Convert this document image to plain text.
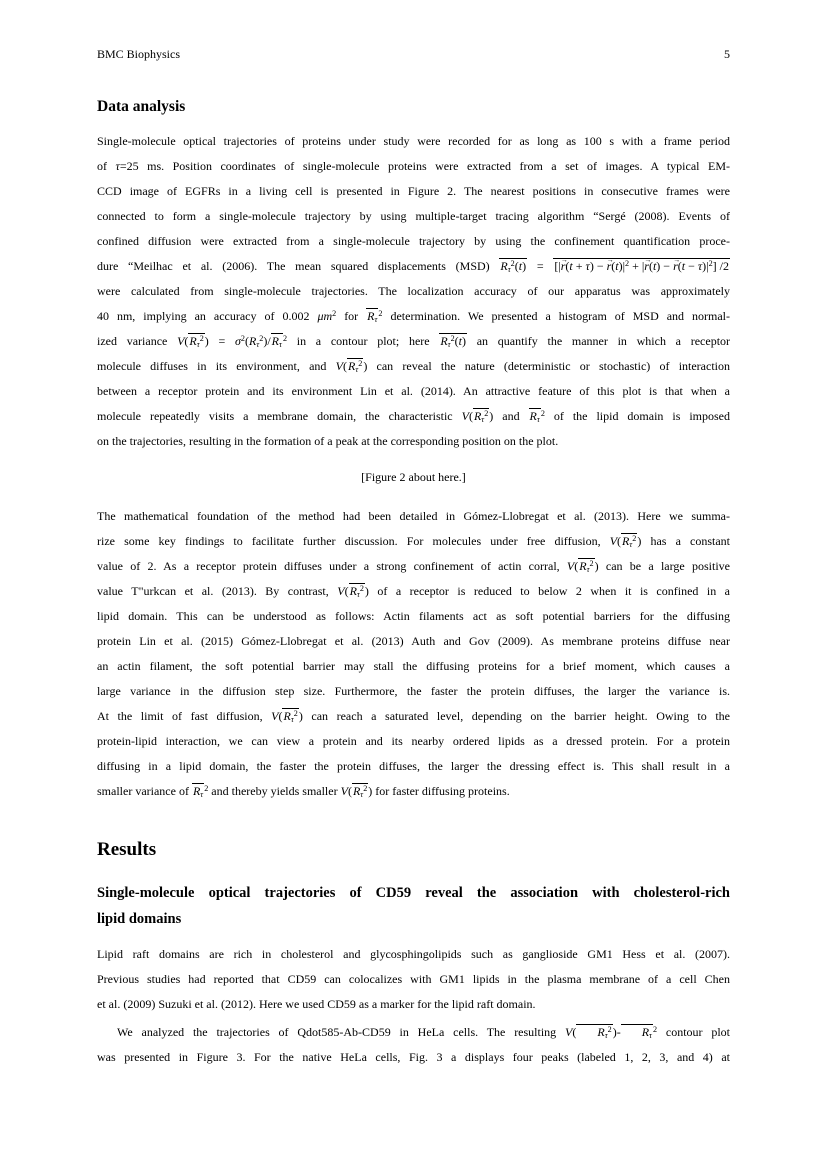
BMC Biophysics	5
Data analysis
Single-molecule optical trajectories of proteins under study were recorded for as long as 100 s with a frame period
of τ=25 ms. Position coordinates of single-molecule proteins were extracted from a set of images. A typical EM-
CCD image of EGFRs in a living cell is presented in Figure 2. The nearest positions in consecutive frames were
connected to form a single-molecule trajectory by using multiple-target tracing algorithm “Sergé (2008). Events of
confined diffusion were extracted from a single-molecule trajectory by using the confinement quantification proce-
dure “Meilhac et al. (2006). The mean squared displacements (MSD) $R_\tau^2(t) = [|r \to(t + \tau) - r \to(t)|^2 + |r \to(t) - r \to(t - \tau)|^2]$ /2
were calculated from single-molecule trajectories. The localization accuracy of our apparatus was approximately
40 nm, implying an accuracy of 0.002 $\mu m^2$ for $R_\tau^2$ determination. We presented a histogram of MSD and normal-
ized variance $V(R_\tau^2) = \sigma^2(R_\tau^2)/R_\tau^2$ in a contour plot; here $R_\tau^2(t)$ an quantify the manner in which a receptor
molecule diffuses in its environment, and $V(R_\tau^2)$ can reveal the nature (deterministic or stochastic) of interaction
between a receptor protein and its environment Lin et al. (2014). An attractive feature of this plot is that when a
molecule repeatedly visits a membrane domain, the characteristic $V(R_\tau^2)$ and $R_\tau^2$ of the lipid domain is imposed
on the trajectories, resulting in the formation of a peak at the corresponding position on the plot.
[Figure 2 about here.]
The mathematical foundation of the method had been detailed in Gómez-Llobregat et al. (2013). Here we summa-
rize some key findings to facilitate further discussion. For molecules under free diffusion, $V(R_\tau^2)$ has a constant
value of 2. As a receptor protein diffuses under a strong confinement of actin corral, $V(R_\tau^2)$ can be a large positive
value T"urkcan et al. (2013). By contrast, $V(R_\tau^2)$ of a receptor is reduced to below 2 when it is confined in a
lipid domain. This can be understood as follows: Actin filaments act as soft potential barriers for the diffusing
protein Lin et al. (2015) Gómez-Llobregat et al. (2013) Auth and Gov (2009). As membrane proteins diffuse near
an actin filament, the soft potential barrier may stall the diffusing proteins for a brief moment, which causes a
large variance in the diffusion step size. Furthermore, the faster the protein diffuses, the larger the variance is.
At the limit of fast diffusion, $V(R_\tau^2)$ can reach a saturated level, depending on the barrier height. Owing to the
protein-lipid interaction, we can view a protein and its nearby ordered lipids as a dressed protein. For a protein
diffusing in a lipid domain, the faster the protein diffuses, the larger the dressing effect is. This shall result in a
smaller variance of $R_\tau^2$ and thereby yields smaller $V(R_\tau^2)$ for faster diffusing proteins.
Results
Single-molecule optical trajectories of CD59 reveal the association with cholesterol-rich
lipid domains
Lipid raft domains are rich in cholesterol and glycosphingolipids such as ganglioside GM1 Hess et al. (2007).
Previous studies had reported that CD59 can colocalizes with GM1 lipids in the plasma membrane of a cell Chen
et al. (2009) Suzuki et al. (2012). Here we used CD59 as a marker for the lipid raft domain.
We analyzed the trajectories of Qdot585-Ab-CD59 in HeLa cells. The resulting V( $R_\tau^2)-$ $R_\tau^2$ contour plot
was presented in Figure 3. For the native HeLa cells, Fig. 3 a displays four peaks (labeled 1, 2, 3, and 4) at
